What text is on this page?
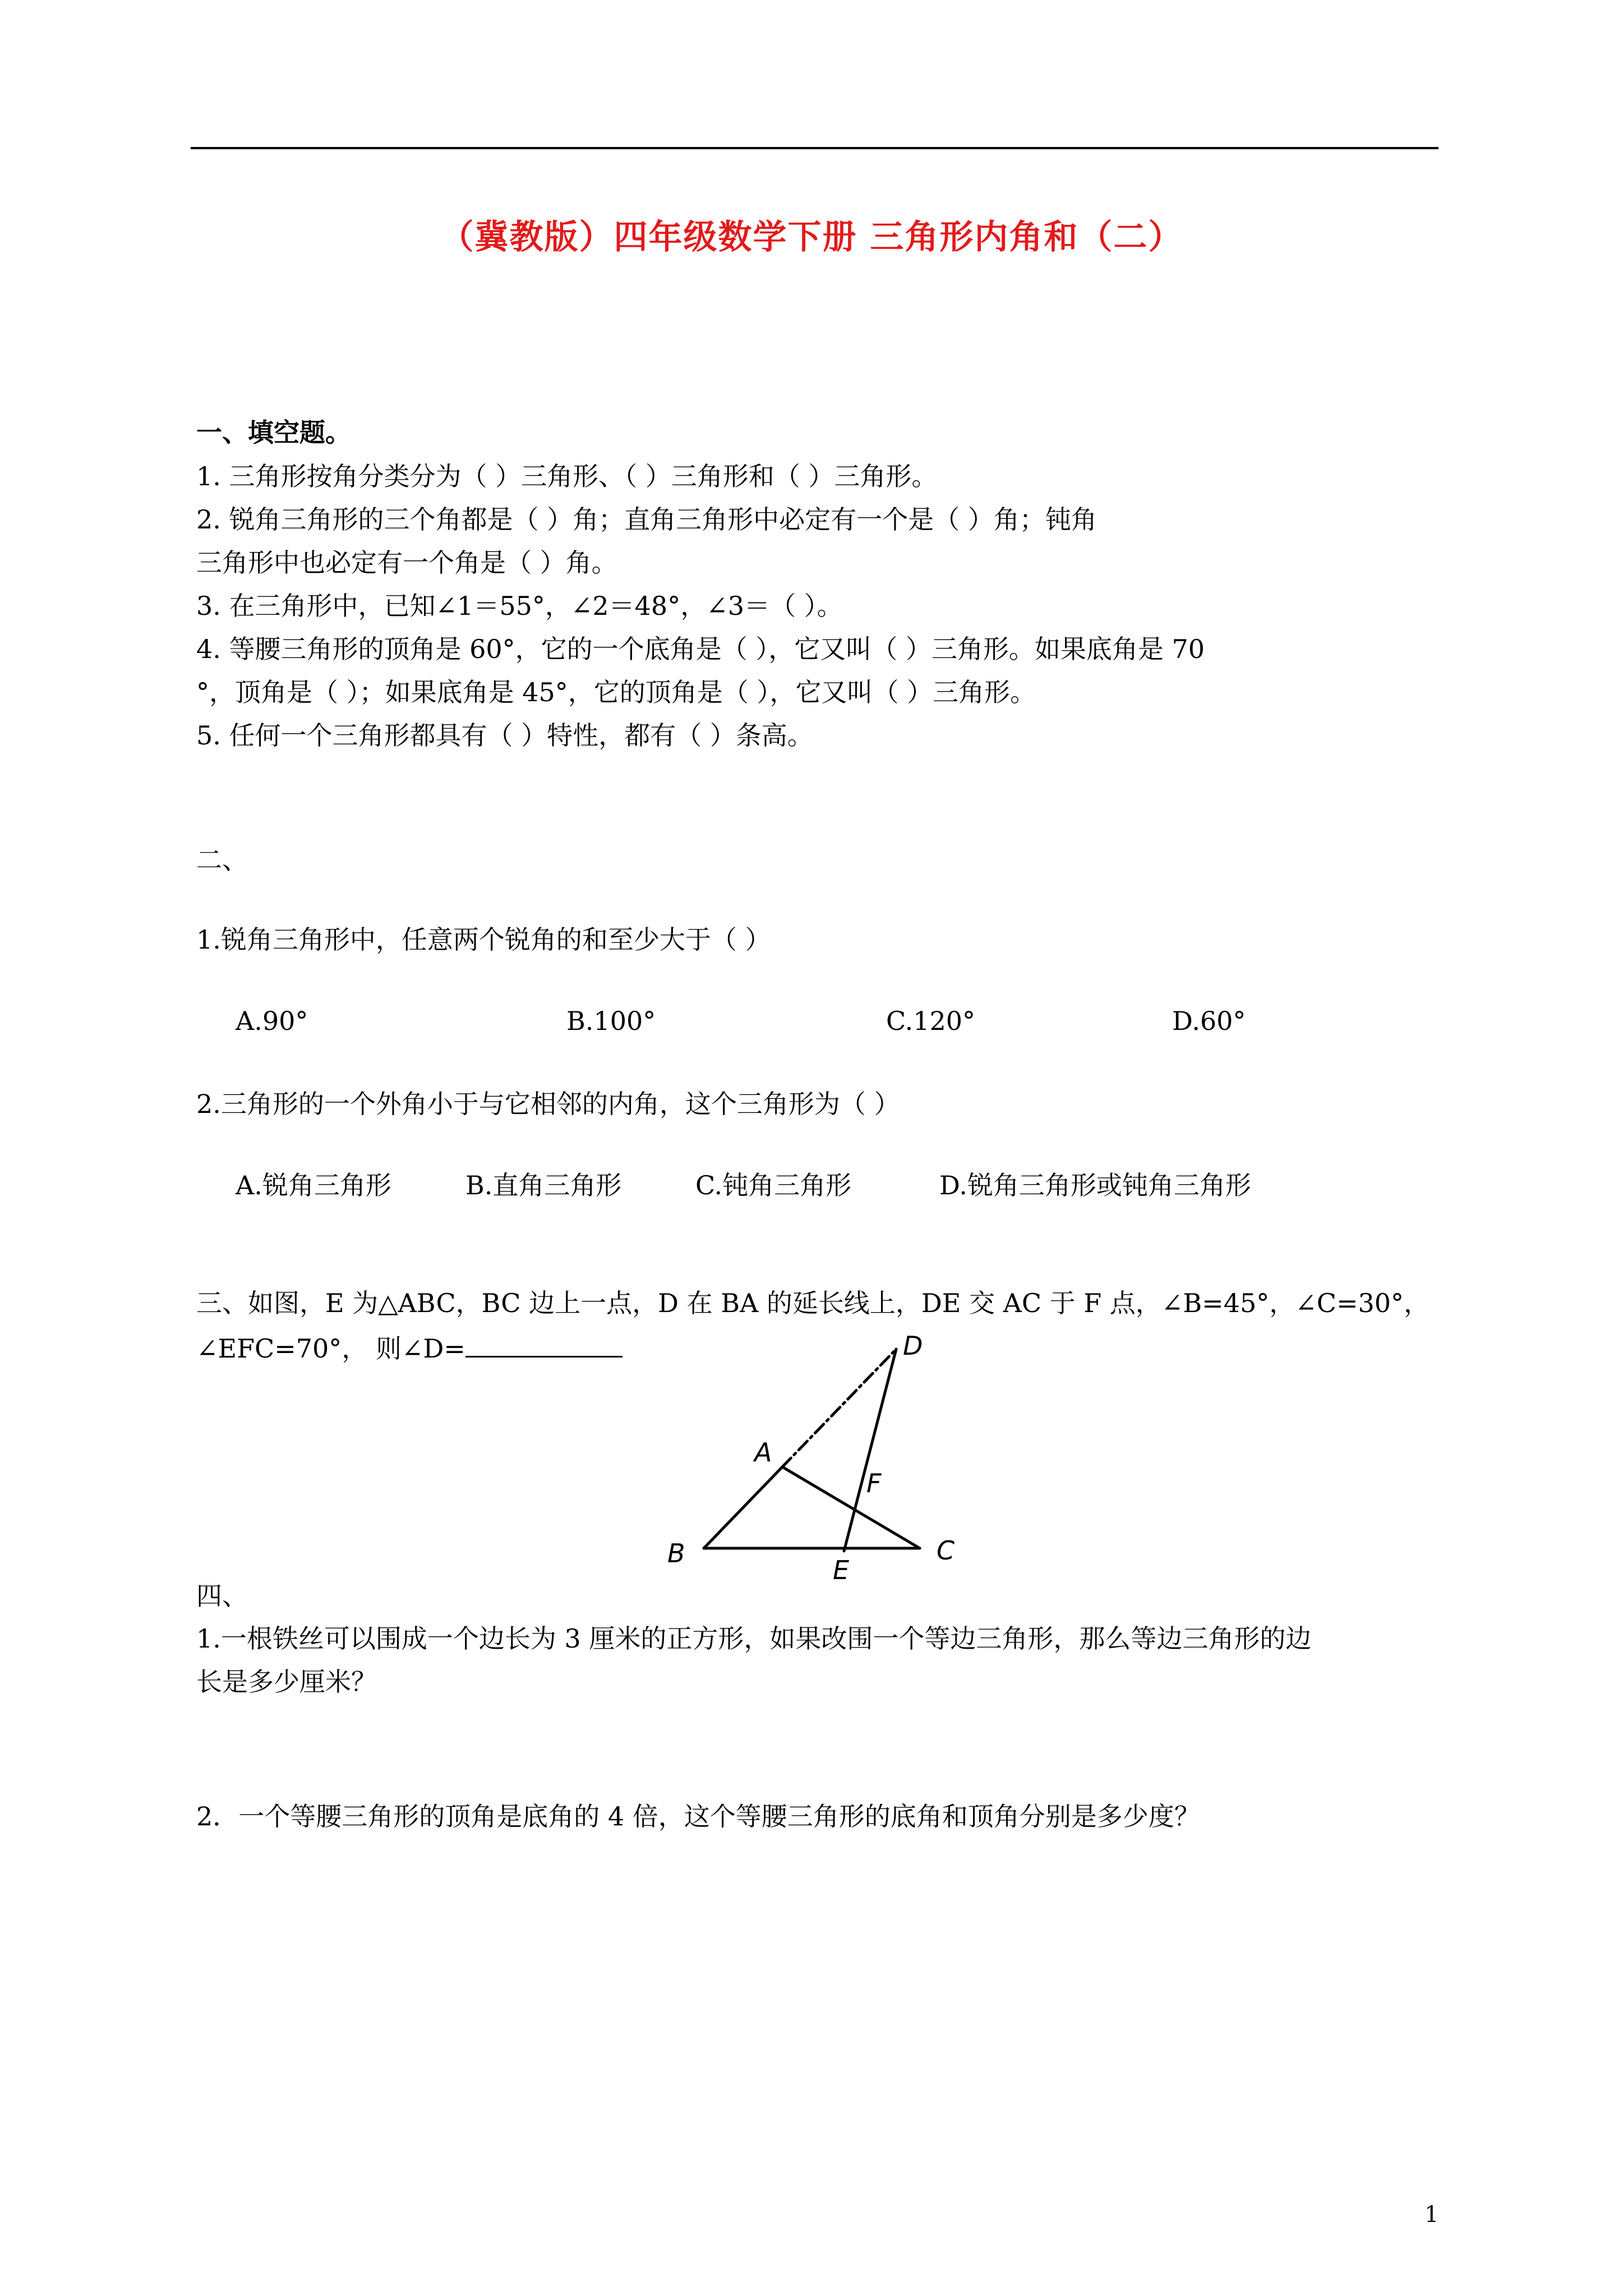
（冀教版）四年级数学下册 三角形内角和（二）
一、填空题。
1. 三角形按角分类分为（ ）三角形、（ ）三角形和（ ）三角形。
2. 锐角三角形的三个角都是（ ）角；直角三角形中必定有一个是（ ）角；钝角
三角形中也必定有一个角是（ ）角。
3. 在三角形中，已知∠1＝55°，∠2＝48°，∠3＝（ ）。
4. 等腰三角形的顶角是 60°，它的一个底角是（ ），它又叫（ ）三角形。如果底角是 70
°，顶角是（ ）；如果底角是 45°，它的顶角是（ ），它又叫（ ）三角形。
5. 任何一个三角形都具有（ ）特性，都有（ ）条高。
二、
1.锐角三角形中，任意两个锐角的和至少大于（ ）
A.90°	B.100°	C.120°	D.60°
2.三角形的一个外角小于与它相邻的内角，这个三角形为（ ）
A.锐角三角形	B.直角三角形	C.钝角三角形	D.锐角三角形或钝角三角形
三、如图，E 为△ABC，BC 边上一点，D 在 BA 的延长线上，DE 交 AC 于 F 点，∠B=45°，∠C=30°，
∠EFC=70°， 则∠D=	D
A
F
B
E
C
四、
1.一根铁丝可以围成一个边长为 3 厘米的正方形，如果改围一个等边三角形，那么等边三角形的边
长是多少厘米？
2．一个等腰三角形的顶角是底角的 4 倍，这个等腰三角形的底角和顶角分别是多少度？
1
